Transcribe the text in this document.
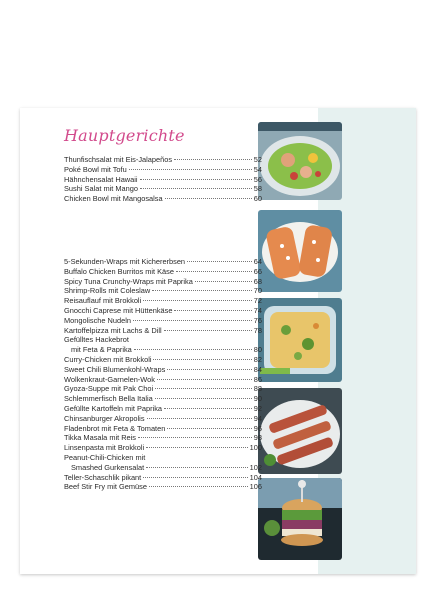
Thunfischsalat mit Eis-Jalapeños	52
Poké Bowl mit Tofu	54
Hähnchensalat Hawaii	56
Sushi Salat mit Mango	58
Chicken Bowl mit Mangosalsa	60
Hauptgerichte
5-Sekunden-Wraps mit Kichererbsen	64
Buffalo Chicken Burritos mit Käse	66
Spicy Tuna Crunchy-Wraps mit Paprika	68
Shrimp-Rolls mit Coleslaw	70
Reisauflauf mit Brokkoli	72
Gnocchi Caprese mit Hüttenkäse	74
Mongolische Nudeln	76
Kartoffelpizza mit Lachs & Dill	78
Gefülltes Hackebrot
mit Feta & Paprika	80
Curry-Chicken mit Brokkoli	82
Sweet Chili Blumenkohl-Wraps	84
Wolkenkraut-Garnelen-Wok	86
Gyoza-Suppe mit Pak Choi	88
Schlemmerfisch Bella Italia	90
Gefüllte Kartoffeln mit Paprika	92
Chinsanburger Akropolis	94
Fladenbrot mit Feta & Tomaten	96
Tikka Masala mit Reis	98
Linsenpasta mit Brokkoli	100
Peanut-Chili-Chicken mit
Smashed Gurkensalat	102
Teller-Schaschlik pikant	104
Beef Stir Fry mit Gemüse	106
